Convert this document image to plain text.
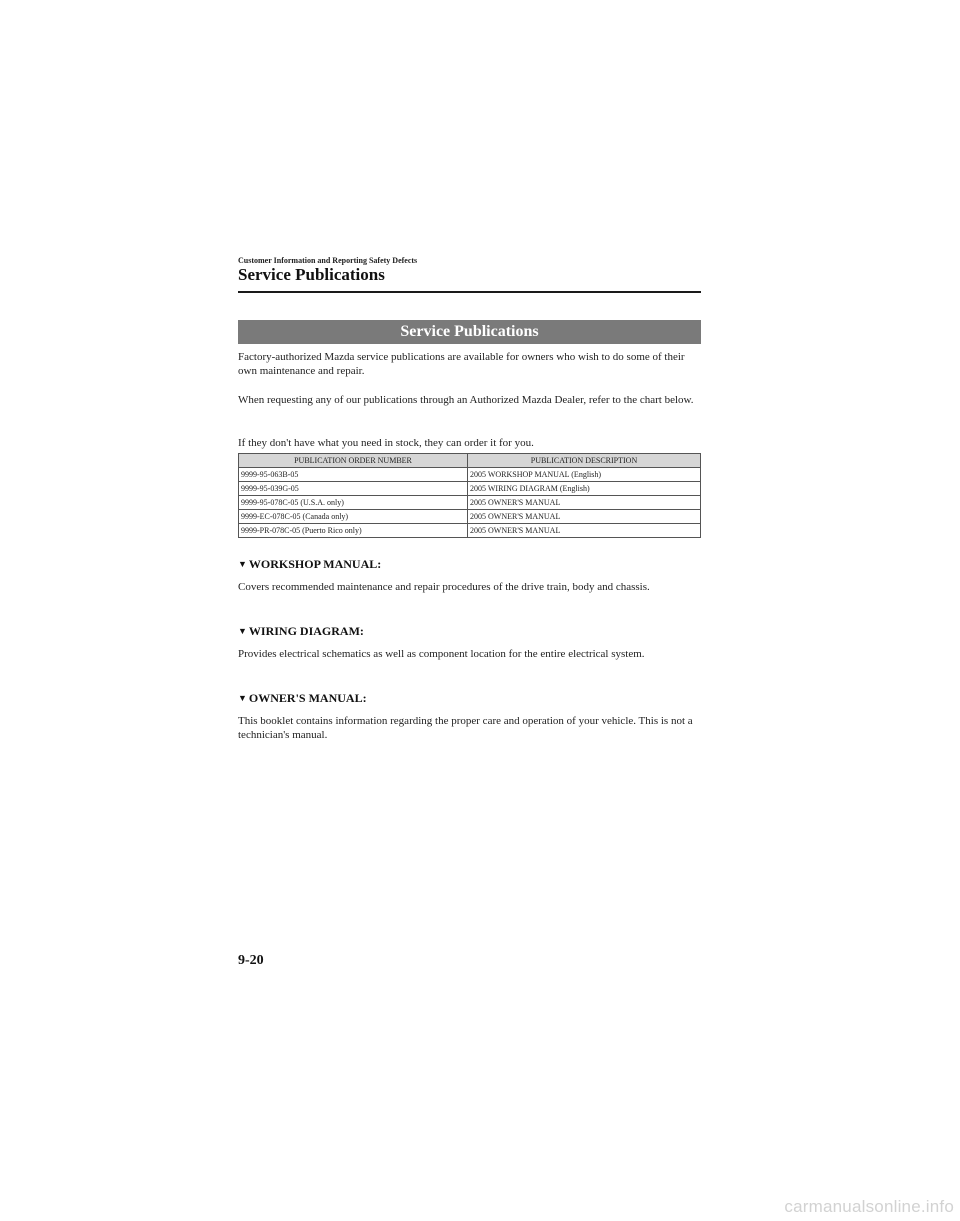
Customer Information and Reporting Safety Defects
Service Publications
Service Publications
Factory-authorized Mazda service publications are available for owners who wish to do some of their own maintenance and repair.
When requesting any of our publications through an Authorized Mazda Dealer, refer to the chart below.
If they don't have what you need in stock, they can order it for you.
PUBLICATION ORDER NUMBER	PUBLICATION DESCRIPTION
9999-95-063B-05	2005 WORKSHOP MANUAL (English)
9999-95-039G-05	2005 WIRING DIAGRAM (English)
9999-95-078C-05 (U.S.A. only)	2005 OWNER'S MANUAL
9999-EC-078C-05 (Canada only)	2005 OWNER'S MANUAL
9999-PR-078C-05 (Puerto Rico only)	2005 OWNER'S MANUAL
▼ WORKSHOP MANUAL:
Covers recommended maintenance and repair procedures of the drive train, body and chassis.
▼ WIRING DIAGRAM:
Provides electrical schematics as well as component location for the entire electrical system.
▼ OWNER'S MANUAL:
This booklet contains information regarding the proper care and operation of your vehicle. This is not a technician's manual.
9-20
carmanualsonline.info
